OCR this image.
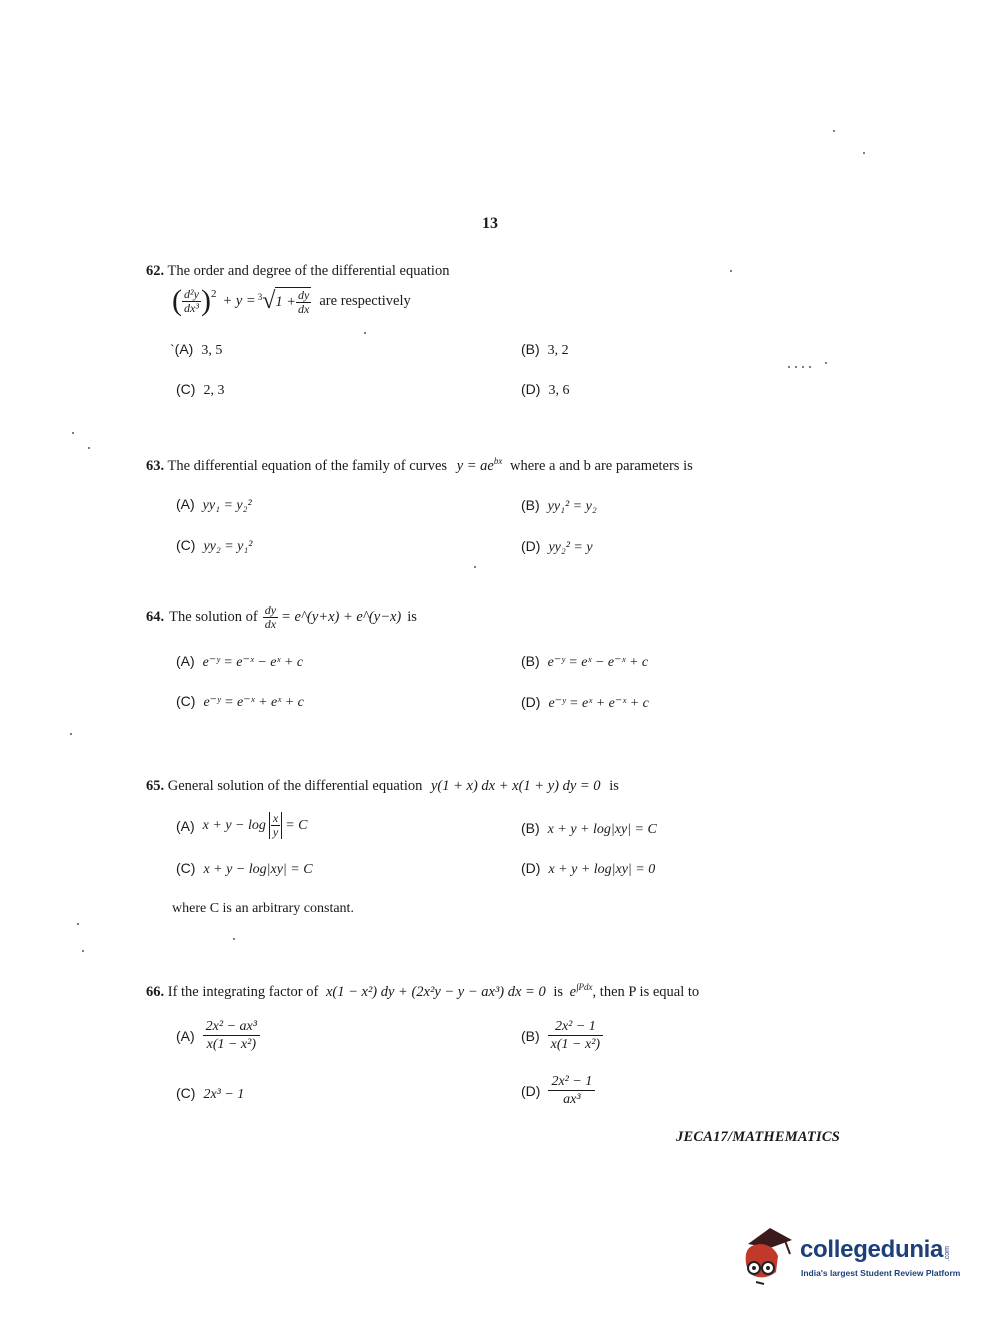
13
62. The order and degree of the differential equation
( $\frac{\text{d²y}}{\text{dx³}} )^2 + y = ^3$ √ $1 + \frac{dy}{dx}$ are respectively
`(A) 3, 5	(B) 3, 2
(C) 2, 3	(D) 3, 6
63. The differential equation of the family of curves $y = ae^{bx}$ where a and b are parameters is
(A) yy₁ = y₂²	(B) yy₁² = y₂
(C) yy₂ = y₁²	(D) yy₂² = y
64. The solution of $\frac{dy}{dx}$ = e^(y+x) + e^(y−x) is
(A) e⁻ʸ = e⁻ˣ − eˣ + c	(B) e⁻ʸ = eˣ − e⁻ˣ + c
(C) e⁻ʸ = e⁻ˣ + eˣ + c	(D) e⁻ʸ = eˣ + e⁻ˣ + c
65. General solution of the differential equation y(1 + x) dx + x(1 + y) dy = 0 is
(A) $x + y - \log \frac{x}{y} = C$	(B) x + y + log|xy| = C
(C) x + y − log|xy| = C	(D) x + y + log|xy| = 0
where C is an arbitrary constant.
66. If the integrating factor of x(1 − x²) dy + (2x²y − y − ax³) dx = 0 is $e^{\int Pdx}$, then P is equal to
$(A) \frac{\text{2x² − ax³}}{\text{x(1 − x²)}}$	$(B) \frac{\text{2x² − 1}}{\text{x(1 − x²)}}$
(C) 2x³ − 1	$(D) \frac{\text{2x² − 1}}{\text{ax³}}$
JECA17/MATHEMATICS
collegedunia .com
India's largest Student Review Platform
